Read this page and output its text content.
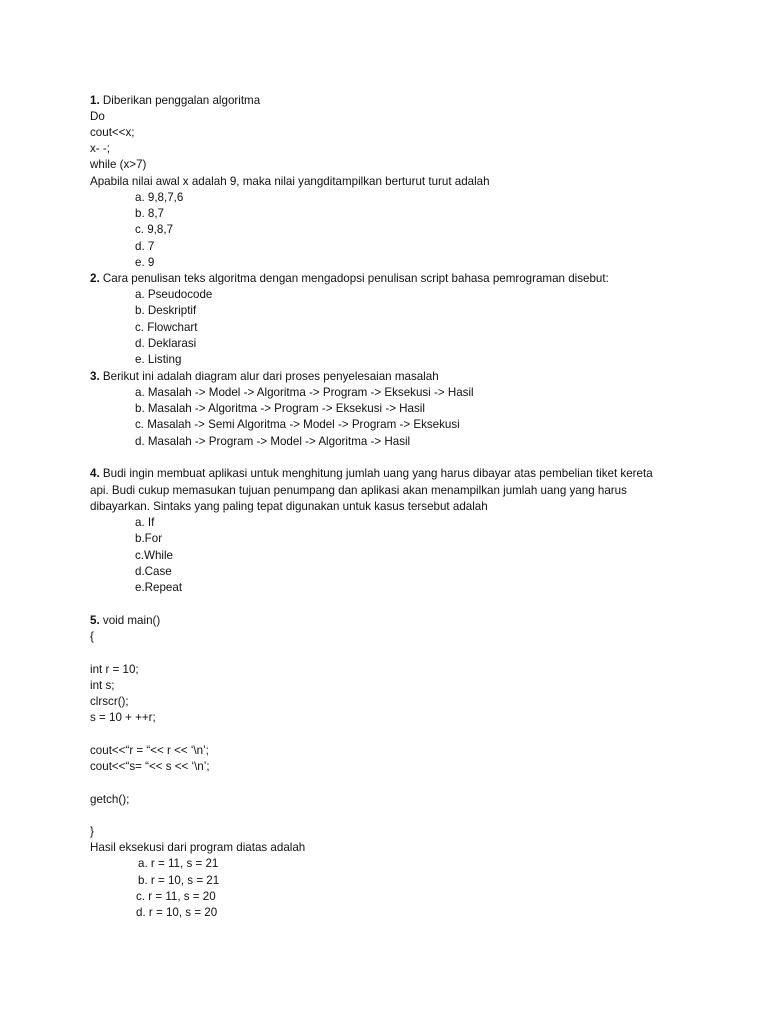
1. Diberikan penggalan algoritma
Do
cout<<x;
x- -;
while (x>7)
Apabila nilai awal x adalah 9, maka nilai yangditampilkan berturut turut adalah
a. 9,8,7,6
b. 8,7
c. 9,8,7
d. 7
e. 9
2. Cara penulisan teks algoritma dengan mengadopsi penulisan script bahasa pemrograman disebut:
a. Pseudocode
b. Deskriptif
c. Flowchart
d. Deklarasi
e. Listing
3. Berikut ini adalah diagram alur dari proses penyelesaian masalah
a. Masalah -> Model -> Algoritma -> Program -> Eksekusi -> Hasil
b. Masalah -> Algoritma -> Program -> Eksekusi -> Hasil
c. Masalah -> Semi Algoritma -> Model -> Program -> Eksekusi
d. Masalah -> Program -> Model -> Algoritma -> Hasil
4. Budi ingin membuat aplikasi untuk menghitung jumlah uang yang harus dibayar atas pembelian tiket kereta
api. Budi cukup memasukan tujuan penumpang dan aplikasi akan menampilkan jumlah uang yang harus
dibayarkan. Sintaks yang paling tepat digunakan untuk kasus tersebut adalah
a. If
b.For
c.While
d.Case
e.Repeat
5. void main()
{
int r = 10;
int s;
clrscr();
s = 10 + ++r;
cout<<“r = “<< r << ‘\n’;
cout<<“s= “<< s << ‘\n’;
getch();
}
Hasil eksekusi dari program diatas adalah
a. r = 11, s = 21
b. r = 10, s = 21
c. r = 11, s = 20
d. r = 10, s = 20
